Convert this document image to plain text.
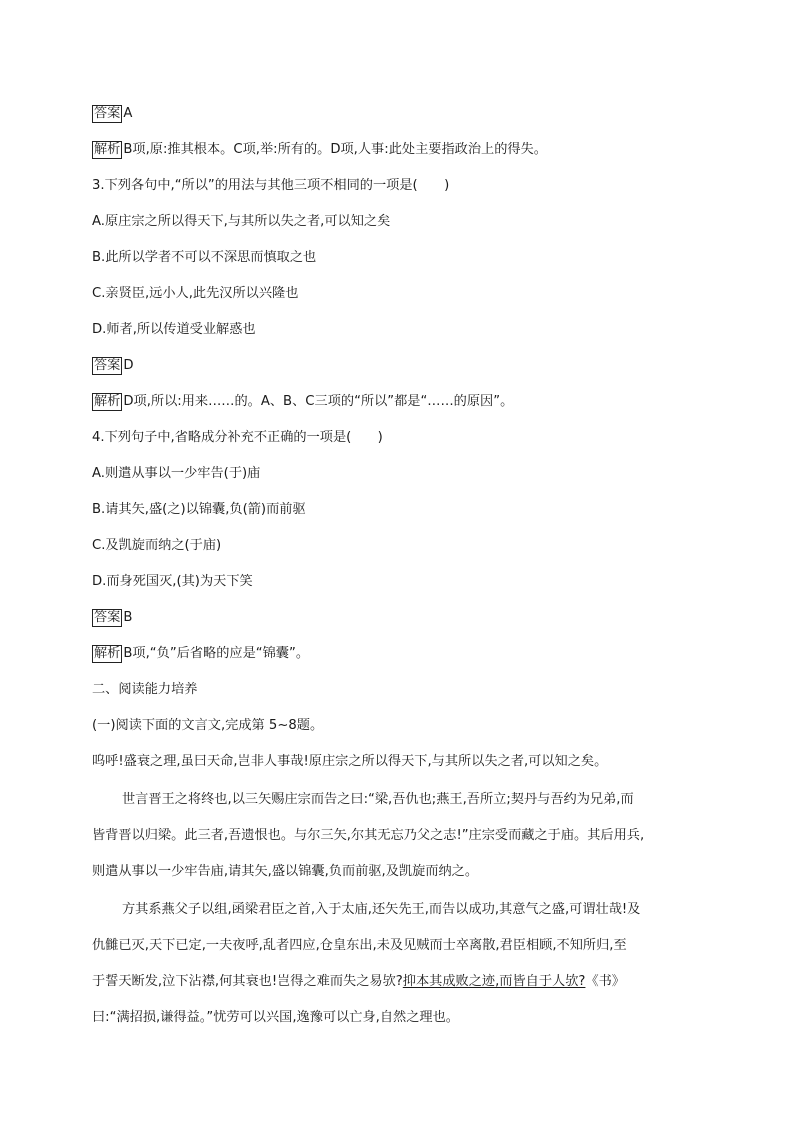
答案 A
解析 B项,原:推其根本。C项,举:所有的。D项,人事:此处主要指政治上的得失。
3.下列各句中,“所以”的用法与其他三项不相同的一项是(　　)
A.原庄宗之所以得天下,与其所以失之者,可以知之矣
B.此所以学者不可以不深思而慎取之也
C.亲贤臣,远小人,此先汉所以兴隆也
D.师者,所以传道受业解惑也
答案 D
解析 D项,所以:用来……的。A、B、C三项的“所以”都是“……的原因”。
4.下列句子中,省略成分补充不正确的一项是(　　)
A.则遣从事以一少牢告(于)庙
B.请其矢,盛(之)以锦囊,负(箭)而前驱
C.及凯旋而纳之(于庙)
D.而身死国灭,(其)为天下笑
答案 B
解析 B项,“负”后省略的应是“锦囊”。
二、阅读能力培养
(一)阅读下面的文言文,完成第 5~8题。
呜呼!盛衰之理,虽曰天命,岂非人事哉!原庄宗之所以得天下,与其所以失之者,可以知之矣。
世言晋王之将终也,以三矢赐庄宗而告之曰:“梁,吾仇也;燕王,吾所立;契丹与吾约为兄弟,而
皆背晋以归梁。此三者,吾遗恨也。与尔三矢,尔其无忘乃父之志!”庄宗受而藏之于庙。其后用兵,
则遣从事以一少牢告庙,请其矢,盛以锦囊,负而前驱,及凯旋而纳之。
方其系燕父子以组,函梁君臣之首,入于太庙,还矢先王,而告以成功,其意气之盛,可谓壮哉!及
仇雠已灭,天下已定,一夫夜呼,乱者四应,仓皇东出,未及见贼而士卒离散,君臣相顾,不知所归,至
于誓天断发,泣下沾襟,何其衰也!岂得之难而失之易欤?抑本其成败之迹,而皆自于人欤?《书》
曰:“满招损,谦得益。”忧劳可以兴国,逸豫可以亡身,自然之理也。
